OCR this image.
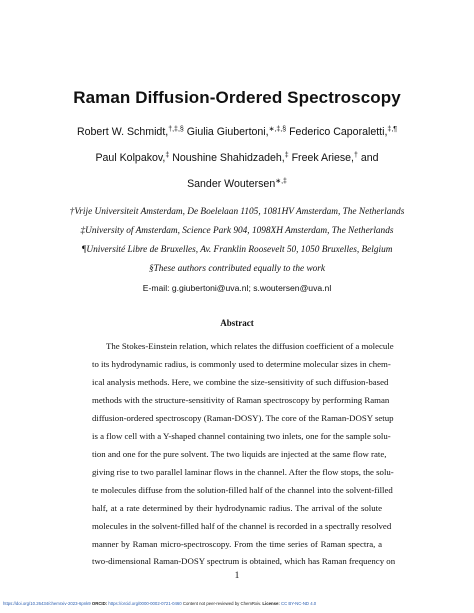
Raman Diffusion-Ordered Spectroscopy
Robert W. Schmidt,†,‡,§ Giulia Giubertoni,∗,‡,§ Federico Caporaletti,‡,¶
Paul Kolpakov,‡ Noushine Shahidzadeh,‡ Freek Ariese,† and
Sander Woutersen∗,‡
†Vrije Universiteit Amsterdam, De Boelelaan 1105, 1081HV Amsterdam, The Netherlands
‡University of Amsterdam, Science Park 904, 1098XH Amsterdam, The Netherlands
¶Université Libre de Bruxelles, Av. Franklin Roosevelt 50, 1050 Bruxelles, Belgium
§These authors contributed equally to the work
E-mail: g.giubertoni@uva.nl; s.woutersen@uva.nl
Abstract
The Stokes-Einstein relation, which relates the diffusion coefficient of a molecule
to its hydrodynamic radius, is commonly used to determine molecular sizes in chem-
ical analysis methods. Here, we combine the size-sensitivity of such diffusion-based
methods with the structure-sensitivity of Raman spectroscopy by performing Raman
diffusion-ordered spectroscopy (Raman-DOSY). The core of the Raman-DOSY setup
is a flow cell with a Y-shaped channel containing two inlets, one for the sample solu-
tion and one for the pure solvent. The two liquids are injected at the same flow rate,
giving rise to two parallel laminar flows in the channel. After the flow stops, the solu-
te molecules diffuse from the solution-filled half of the channel into the solvent-filled
half, at a rate determined by their hydrodynamic radius. The arrival of the solute
molecules in the solvent-filled half of the channel is recorded in a spectrally resolved
manner by Raman micro-spectroscopy. From the time series of Raman spectra, a
two-dimensional Raman-DOSY spectrum is obtained, which has Raman frequency on
1
https://doi.org/10.26434/chemrxiv-2023-6pnk9 ORCID: https://orcid.org/0000-0002-0721-0460 Content not peer-reviewed by ChemRxiv. License: CC BY-NC-ND 4.0
